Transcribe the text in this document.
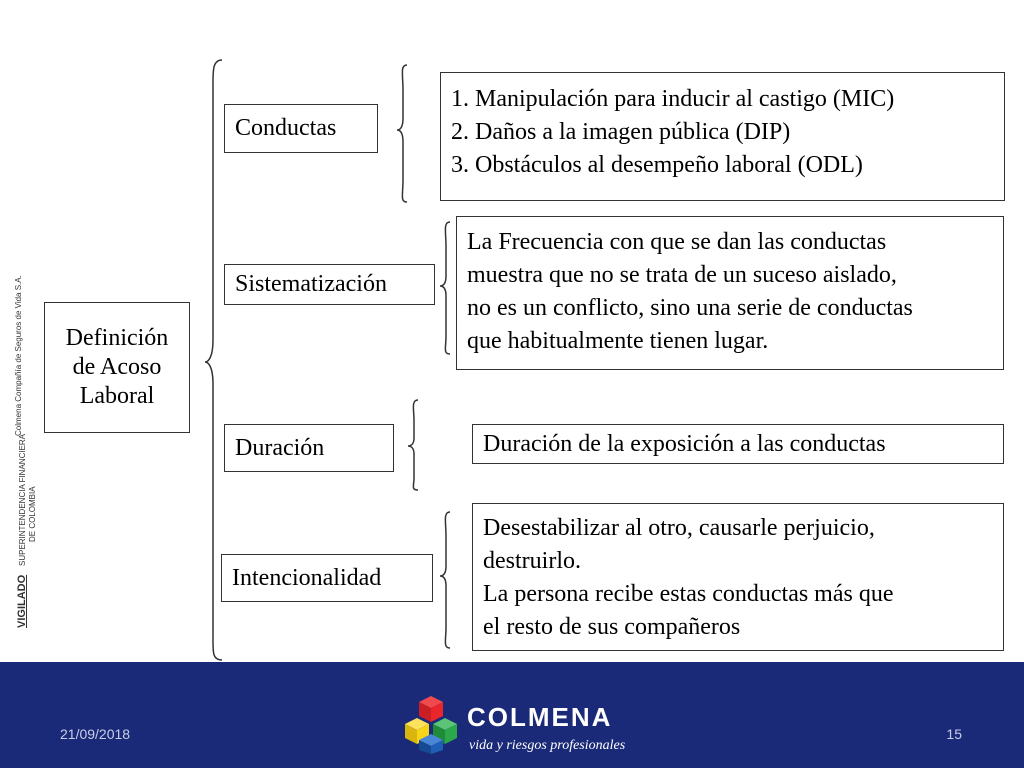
Definición
de Acoso
Laboral
Conductas
Sistematización
Duración
Intencionalidad
1. Manipulación para inducir al castigo (MIC)
2. Daños a la imagen pública (DIP)
3. Obstáculos al desempeño laboral (ODL)
La Frecuencia con que se dan las conductas
muestra que no se trata de un suceso aislado,
no es un conflicto, sino una serie de conductas
que habitualmente tienen lugar.
Duración de la exposición a las conductas
Desestabilizar al otro, causarle perjuicio,
destruirlo.
La persona recibe estas conductas más que
el resto de sus compañeros
Colmena Compañía de Seguros de Vida S.A.
SUPERINTENDENCIA FINANCIERA DE COLOMBIA
VIGILADO
21/09/2018	15
COLMENA
vida y riesgos profesionales
